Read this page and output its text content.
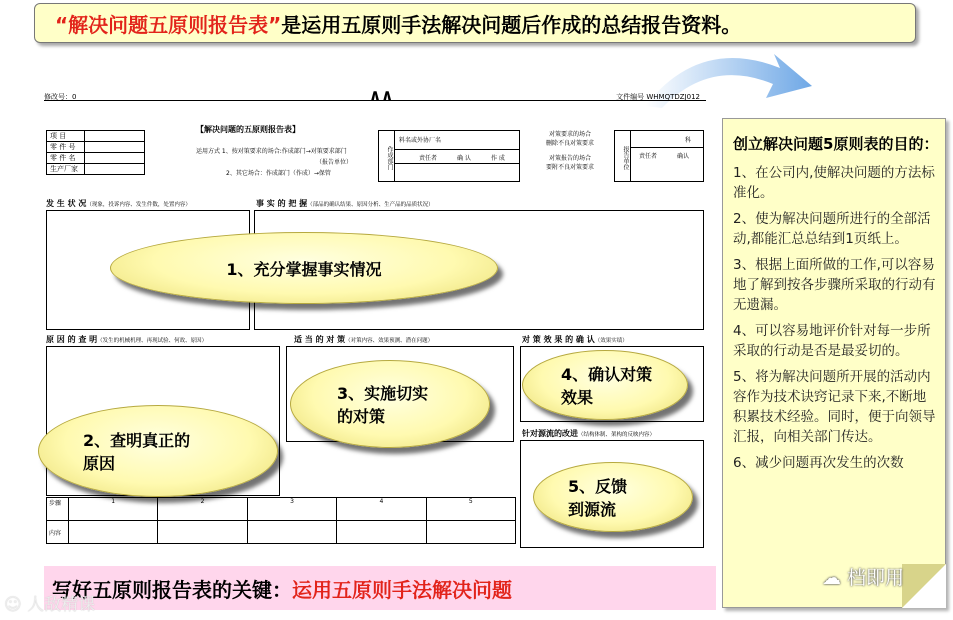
“解决问题五原则报告表” 是运用五原则手法解决问题后作成的总结报告资料。
修改号：0	∧∧	文件编号 WHMQTDZJ012
项 目	
零 件 号	
零 件 名	
生产厂家	
【解决问题的五原则报告表】
运用方式 1、按对策要求的场合:作成部门→对策要求部门
（报告单位）
2、其它场合：作成部门（作成）→保管
作成部门
料名或外协厂名
责任者	确 认	作 成
对策要求的场合
删除不良对策要求
对策报告的场合
要附不良对策要求	报告单位
科
责任者	确认
发 生 状 况（现象，投诉内容、发生件数，处置内容）	事 实 的 把 握（部品的确认结果、原因分析、生产品的品质状况）
原 因 的 查 明（发生的机械机理、再现试验、何故、原因）	适 当 的 对 策（对策内容、效果预测、潜在问题）	对 策 效 果 的 确 认（效果实绩）
针对源流的改进（结构体制、架构的反映内容）
步骤	1	2	3	4	5
内容					
1、充分掌握事实情况
3、实施切实的对策
2、查明真正的原因
4、确认对策效果
5、反馈到源流
写好五原则报告表的关键： 运用五原则手法解决问题
创立解决问题5原则表的目的：

1、在公司内,使解决问题的方法标准化。

2、使为解决问题所进行的全部活动,都能汇总总结到1页纸上。

3、根据上面所做的工作,可以容易地了解到按各步骤所采取的行动有无遗漏。

4、可以容易地评价针对每一步所采取的行动是否是最妥切的。

5、将为解决问题所开展的活动内容作为技术诀窍记录下来,不断地积累技术经验。同时，便于向领导汇报，向相关部门传达。

6、减少问题再次发生的次数

☁ 档即用
☺ 人敌精课
